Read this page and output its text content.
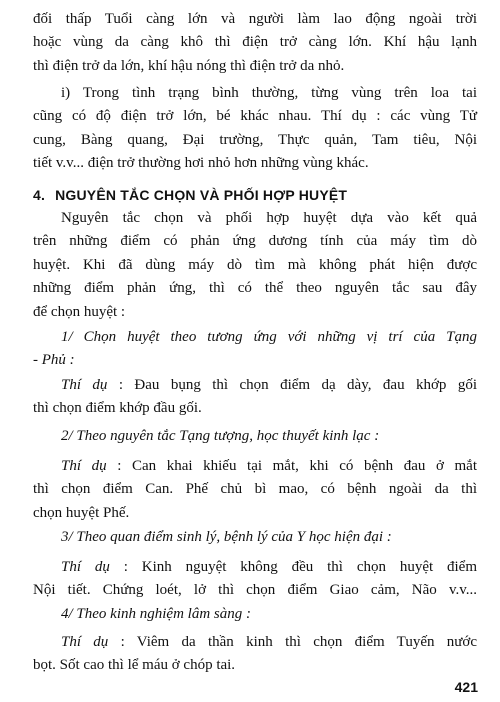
đối thấp Tuổi càng lớn và người làm lao động ngoài trời
hoặc vùng da càng khô thì điện trở càng lớn. Khí hậu lạnh
thì điện trở da lớn, khí hậu nóng thì điện trở da nhỏ.
i) Trong tình trạng bình thường, từng vùng trên loa tai
cũng có độ điện trở lớn, bé khác nhau. Thí dụ : các vùng Tử
cung, Bàng quang, Đại trường, Thực quản, Tam tiêu, Nội
tiết v.v... điện trở thường hơi nhỏ hơn những vùng khác.
4. NGUYÊN TẮC CHỌN VÀ PHỐI HỢP HUYỆT
Nguyên tắc chọn và phối hợp huyệt dựa vào kết quả
trên những điểm có phản ứng dương tính của máy tìm dò
huyệt. Khi đã dùng máy dò tìm mà không phát hiện được
những điểm phản ứng, thì có thể theo nguyên tắc sau đây
để chọn huyệt :
1/ Chọn huyệt theo tương ứng với những vị trí của Tạng
- Phủ :
Thí dụ : Đau bụng thì chọn điểm dạ dày, đau khớp gối
thì chọn điểm khớp đầu gối.
2/ Theo nguyên tắc Tạng tượng, học thuyết kinh lạc :
Thí dụ : Can khai khiếu tại mắt, khi có bệnh đau ở mắt
thì chọn điểm Can. Phế chủ bì mao, có bệnh ngoài da thì
chọn huyệt Phế.
3/ Theo quan điểm sinh lý, bệnh lý của Y học hiện đại :
Thí dụ : Kinh nguyệt không đều thì chọn huyệt điểm
Nội tiết. Chứng loét, lở thì chọn điểm Giao cảm, Não v.v...
4/ Theo kinh nghiệm lâm sàng :
Thí dụ : Viêm da thần kinh thì chọn điểm Tuyến nước
bọt. Sốt cao thì lể máu ở chóp tai.
421
